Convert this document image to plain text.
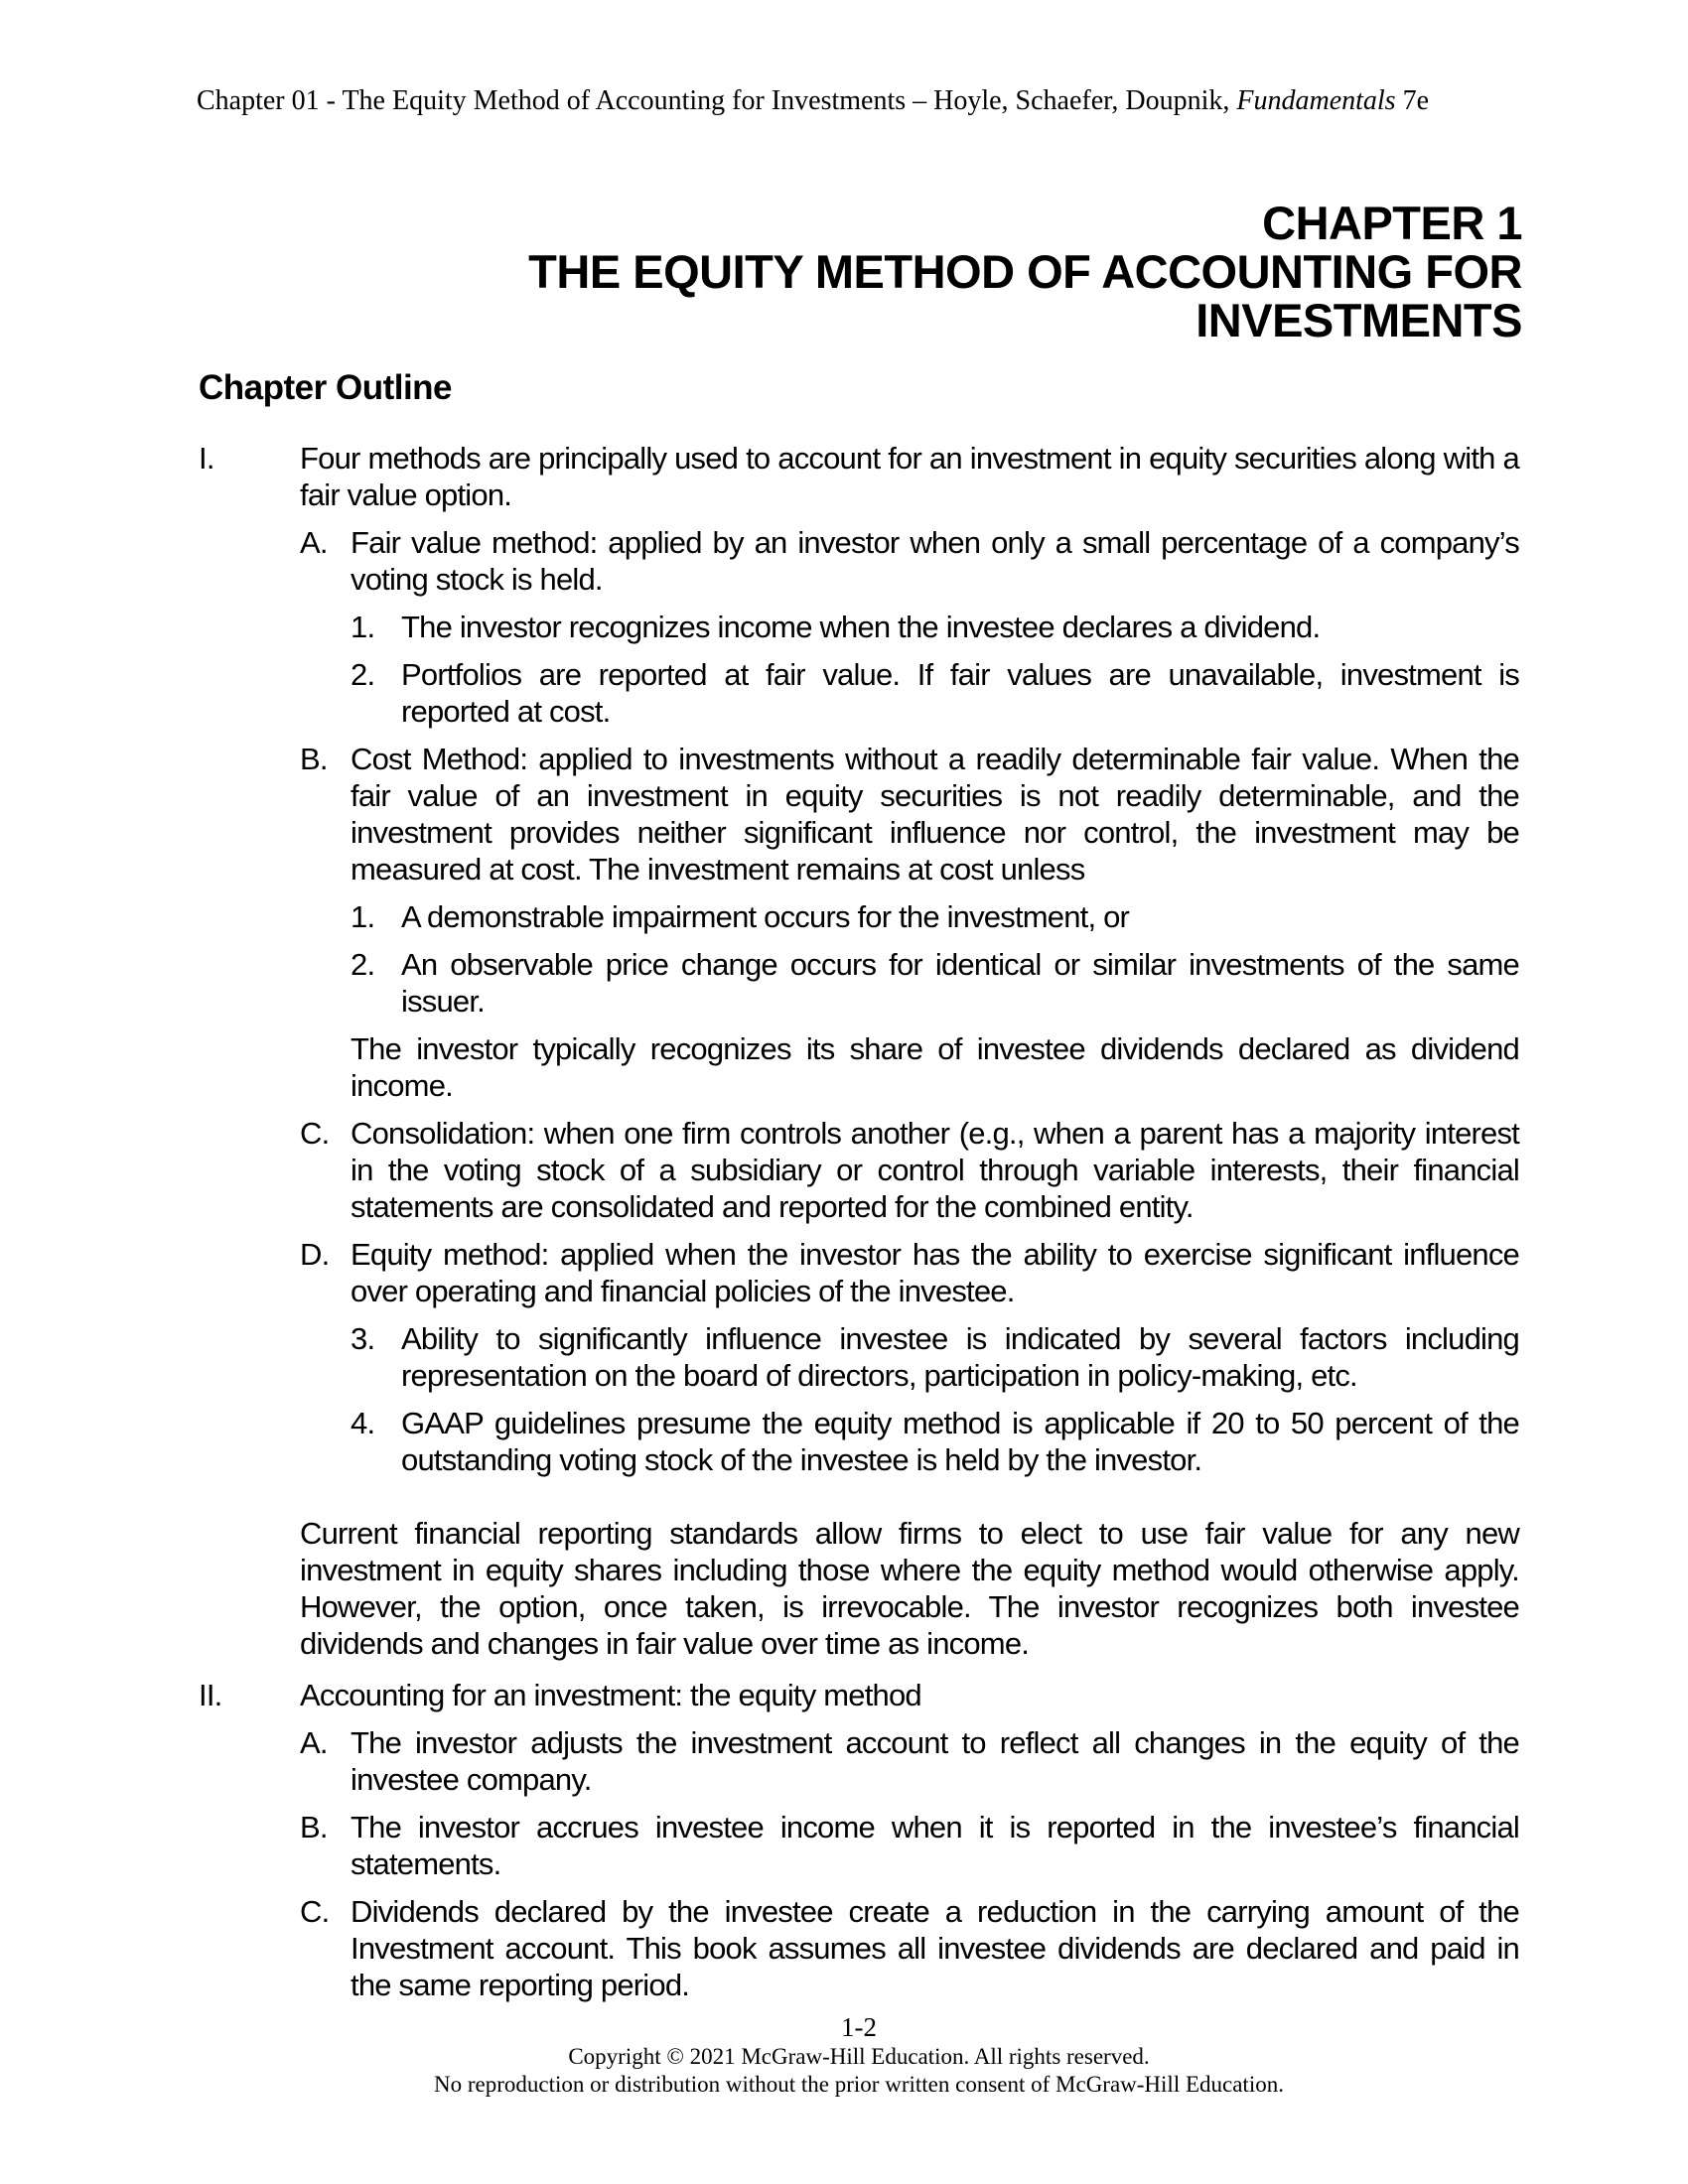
Chapter 01 - The Equity Method of Accounting for Investments – Hoyle, Schaefer, Doupnik, Fundamentals 7e
CHAPTER 1
THE EQUITY METHOD OF ACCOUNTING FOR INVESTMENTS
Chapter Outline
I.	Four methods are principally used to account for an investment in equity securities along with a fair value option.
A. Fair value method: applied by an investor when only a small percentage of a company’s voting stock is held.
1. The investor recognizes income when the investee declares a dividend.
2. Portfolios are reported at fair value. If fair values are unavailable, investment is reported at cost.
B. Cost Method: applied to investments without a readily determinable fair value. When the fair value of an investment in equity securities is not readily determinable, and the investment provides neither significant influence nor control, the investment may be measured at cost. The investment remains at cost unless
1. A demonstrable impairment occurs for the investment, or
2. An observable price change occurs for identical or similar investments of the same issuer.
The investor typically recognizes its share of investee dividends declared as dividend income.
C. Consolidation: when one firm controls another (e.g., when a parent has a majority interest in the voting stock of a subsidiary or control through variable interests, their financial statements are consolidated and reported for the combined entity.
D. Equity method: applied when the investor has the ability to exercise significant influence over operating and financial policies of the investee.
3. Ability to significantly influence investee is indicated by several factors including representation on the board of directors, participation in policy-making, etc.
4. GAAP guidelines presume the equity method is applicable if 20 to 50 percent of the outstanding voting stock of the investee is held by the investor.
Current financial reporting standards allow firms to elect to use fair value for any new investment in equity shares including those where the equity method would otherwise apply. However, the option, once taken, is irrevocable. The investor recognizes both investee dividends and changes in fair value over time as income.
II.	Accounting for an investment: the equity method
A. The investor adjusts the investment account to reflect all changes in the equity of the investee company.
B. The investor accrues investee income when it is reported in the investee’s financial statements.
C. Dividends declared by the investee create a reduction in the carrying amount of the Investment account. This book assumes all investee dividends are declared and paid in the same reporting period.
1-2
Copyright © 2021 McGraw-Hill Education. All rights reserved.
No reproduction or distribution without the prior written consent of McGraw-Hill Education.
